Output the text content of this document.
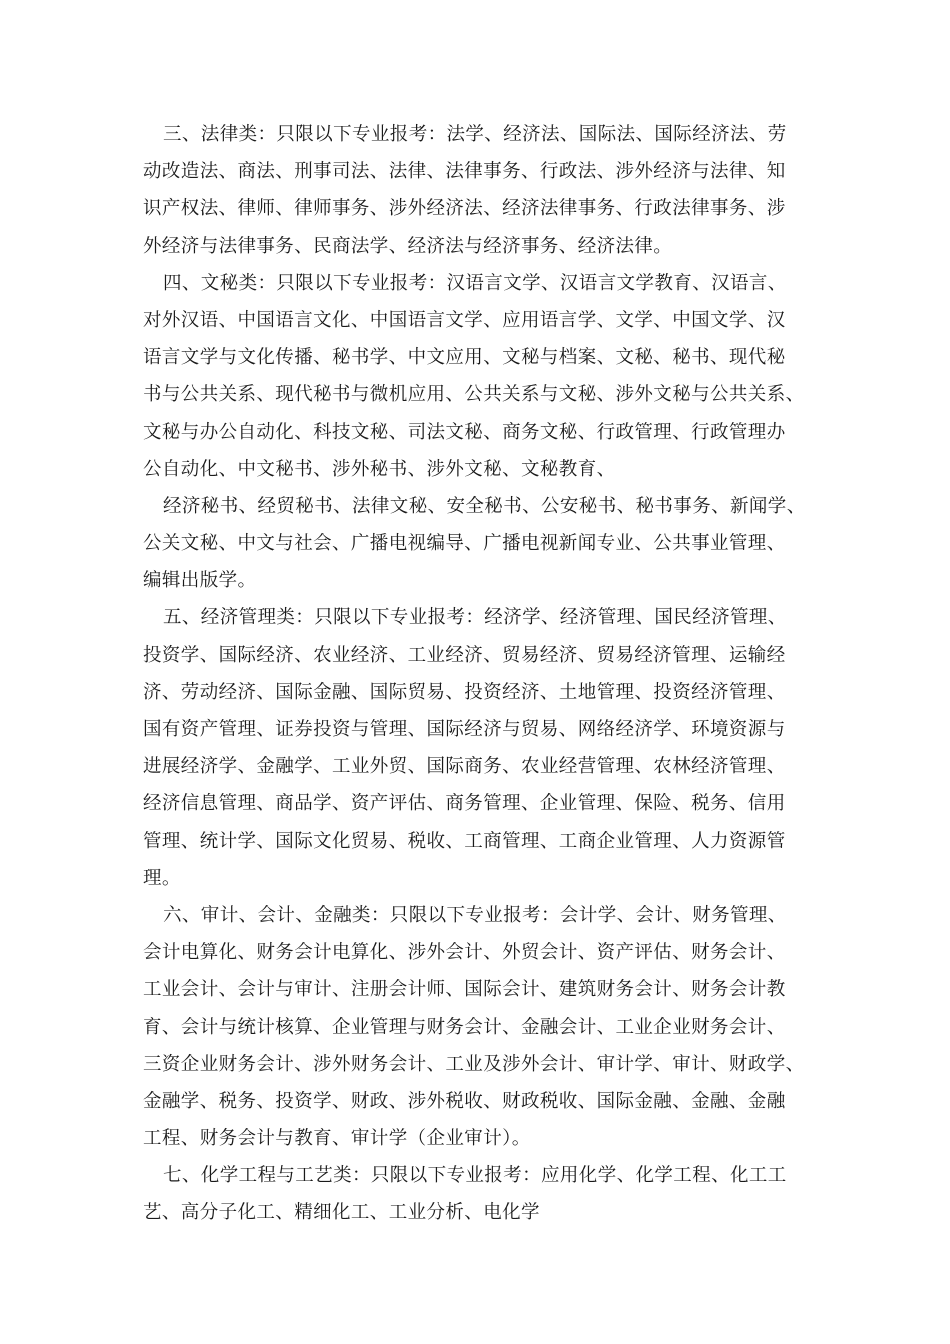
三、法律类：只限以下专业报考：法学、经济法、国际法、国际经济法、劳
动改造法、商法、刑事司法、法律、法律事务、行政法、涉外经济与法律、知
识产权法、律师、律师事务、涉外经济法、经济法律事务、行政法律事务、涉
外经济与法律事务、民商法学、经济法与经济事务、经济法律。
四、文秘类：只限以下专业报考：汉语言文学、汉语言文学教育、汉语言、
对外汉语、中国语言文化、中国语言文学、应用语言学、文学、中国文学、汉
语言文学与文化传播、秘书学、中文应用、文秘与档案、文秘、秘书、现代秘
书与公共关系、现代秘书与微机应用、公共关系与文秘、涉外文秘与公共关系、
文秘与办公自动化、科技文秘、司法文秘、商务文秘、行政管理、行政管理办
公自动化、中文秘书、涉外秘书、涉外文秘、文秘教育、
经济秘书、经贸秘书、法律文秘、安全秘书、公安秘书、秘书事务、新闻学、
公关文秘、中文与社会、广播电视编导、广播电视新闻专业、公共事业管理、
编辑出版学。
五、经济管理类：只限以下专业报考：经济学、经济管理、国民经济管理、
投资学、国际经济、农业经济、工业经济、贸易经济、贸易经济管理、运输经
济、劳动经济、国际金融、国际贸易、投资经济、土地管理、投资经济管理、
国有资产管理、证券投资与管理、国际经济与贸易、网络经济学、环境资源与
进展经济学、金融学、工业外贸、国际商务、农业经营管理、农林经济管理、
经济信息管理、商品学、资产评估、商务管理、企业管理、保险、税务、信用
管理、统计学、国际文化贸易、税收、工商管理、工商企业管理、人力资源管
理。
六、审计、会计、金融类：只限以下专业报考：会计学、会计、财务管理、
会计电算化、财务会计电算化、涉外会计、外贸会计、资产评估、财务会计、
工业会计、会计与审计、注册会计师、国际会计、建筑财务会计、财务会计教
育、会计与统计核算、企业管理与财务会计、金融会计、工业企业财务会计、
三资企业财务会计、涉外财务会计、工业及涉外会计、审计学、审计、财政学、
金融学、税务、投资学、财政、涉外税收、财政税收、国际金融、金融、金融
工程、财务会计与教育、审计学（企业审计）。
七、化学工程与工艺类：只限以下专业报考：应用化学、化学工程、化工工
艺、高分子化工、精细化工、工业分析、电化学
